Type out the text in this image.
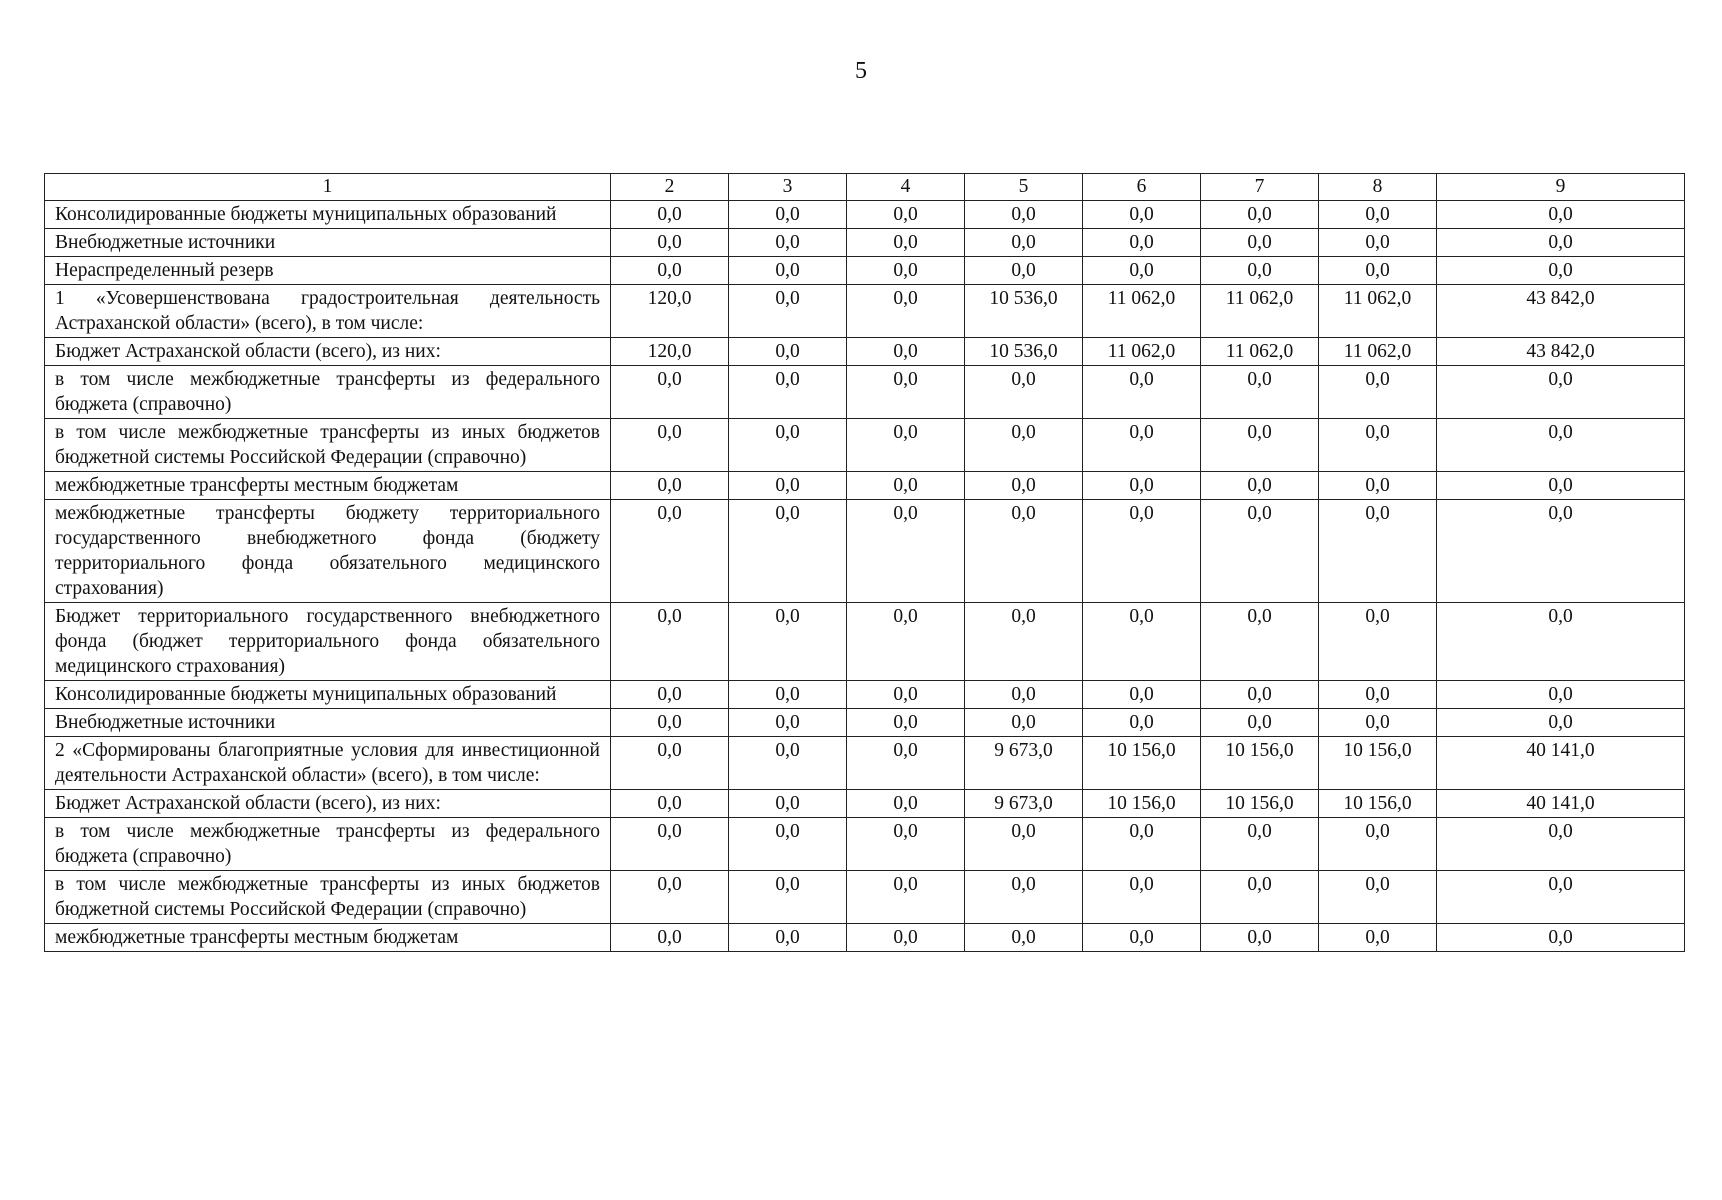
5
1	2	3	4	5	6	7	8	9
Консолидированные бюджеты муниципальных образований	0,0	0,0	0,0	0,0	0,0	0,0	0,0	0,0
Внебюджетные источники	0,0	0,0	0,0	0,0	0,0	0,0	0,0	0,0
Нераспределенный резерв	0,0	0,0	0,0	0,0	0,0	0,0	0,0	0,0
1 «Усовершенствована градостроительная деятельность Астраханской области» (всего), в том числе:	120,0	0,0	0,0	10 536,0	11 062,0	11 062,0	11 062,0	43 842,0
Бюджет Астраханской области (всего), из них:	120,0	0,0	0,0	10 536,0	11 062,0	11 062,0	11 062,0	43 842,0
в том числе межбюджетные трансферты из федерального бюджета (справочно)	0,0	0,0	0,0	0,0	0,0	0,0	0,0	0,0
в том числе межбюджетные трансферты из иных бюджетов бюджетной системы Российской Федерации (справочно)	0,0	0,0	0,0	0,0	0,0	0,0	0,0	0,0
межбюджетные трансферты местным бюджетам	0,0	0,0	0,0	0,0	0,0	0,0	0,0	0,0
межбюджетные трансферты бюджету территориального государственного внебюджетного фонда (бюджету территориального фонда обязательного медицинского страхования)	0,0	0,0	0,0	0,0	0,0	0,0	0,0	0,0
Бюджет территориального государственного внебюджетного фонда (бюджет территориального фонда обязательного медицинского страхования)	0,0	0,0	0,0	0,0	0,0	0,0	0,0	0,0
Консолидированные бюджеты муниципальных образований	0,0	0,0	0,0	0,0	0,0	0,0	0,0	0,0
Внебюджетные источники	0,0	0,0	0,0	0,0	0,0	0,0	0,0	0,0
2 «Сформированы благоприятные условия для инвестиционной деятельности Астраханской области» (всего), в том числе:	0,0	0,0	0,0	9 673,0	10 156,0	10 156,0	10 156,0	40 141,0
Бюджет Астраханской области (всего), из них:	0,0	0,0	0,0	9 673,0	10 156,0	10 156,0	10 156,0	40 141,0
в том числе межбюджетные трансферты из федерального бюджета (справочно)	0,0	0,0	0,0	0,0	0,0	0,0	0,0	0,0
в том числе межбюджетные трансферты из иных бюджетов бюджетной системы Российской Федерации (справочно)	0,0	0,0	0,0	0,0	0,0	0,0	0,0	0,0
межбюджетные трансферты местным бюджетам	0,0	0,0	0,0	0,0	0,0	0,0	0,0	0,0
